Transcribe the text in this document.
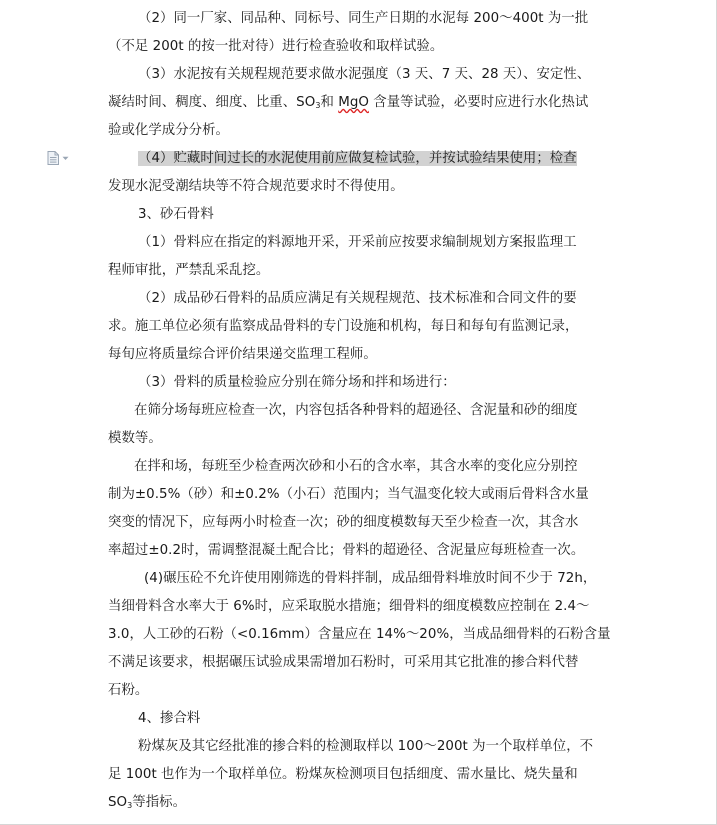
（2）同一厂家、同品种、同标号、同生产日期的水泥每 200～400t 为一批
（不足 200t 的按一批对待）进行检查验收和取样试验。
（3）水泥按有关规程规范要求做水泥强度（3 天、7 天、28 天）、安定性、
凝结时间、稠度、细度、比重、$SO_3$和 MgO 含量等试验，必要时应进行水化热试
验或化学成分分析。
（4）贮藏时间过长的水泥使用前应做复检试验，并按试验结果使用；检查
发现水泥受潮结块等不符合规范要求时不得使用。
3、砂石骨料
（1）骨料应在指定的料源地开采，开采前应按要求编制规划方案报监理工
程师审批，严禁乱采乱挖。
（2）成品砂石骨料的品质应满足有关规程规范、技术标准和合同文件的要
求。施工单位必须有监察成品骨料的专门设施和机构，每日和每旬有监测记录，
每旬应将质量综合评价结果递交监理工程师。
（3）骨料的质量检验应分别在筛分场和拌和场进行：
在筛分场每班应检查一次，内容包括各种骨料的超逊径、含泥量和砂的细度
模数等。
在拌和场，每班至少检查两次砂和小石的含水率，其含水率的变化应分别控
制为±0.5%（砂）和±0.2%（小石）范围内；当气温变化较大或雨后骨料含水量
突变的情况下，应每两小时检查一次；砂的细度模数每天至少检查一次，其含水
率超过±0.2时，需调整混凝土配合比；骨料的超逊径、含泥量应每班检查一次。
(4)碾压砼不允许使用刚筛选的骨料拌制，成品细骨料堆放时间不少于 72h，
当细骨料含水率大于 6%时，应采取脱水措施；细骨料的细度模数应控制在 2.4～
3.0，人工砂的石粉（<0.16mm）含量应在 14%～20%，当成品细骨料的石粉含量
不满足该要求，根据碾压试验成果需增加石粉时，可采用其它批准的掺合料代替
石粉。
4、掺合料
粉煤灰及其它经批准的掺合料的检测取样以 100～200t 为一个取样单位，不
足 100t 也作为一个取样单位。粉煤灰检测项目包括细度、需水量比、烧失量和
$SO_3$等指标。
